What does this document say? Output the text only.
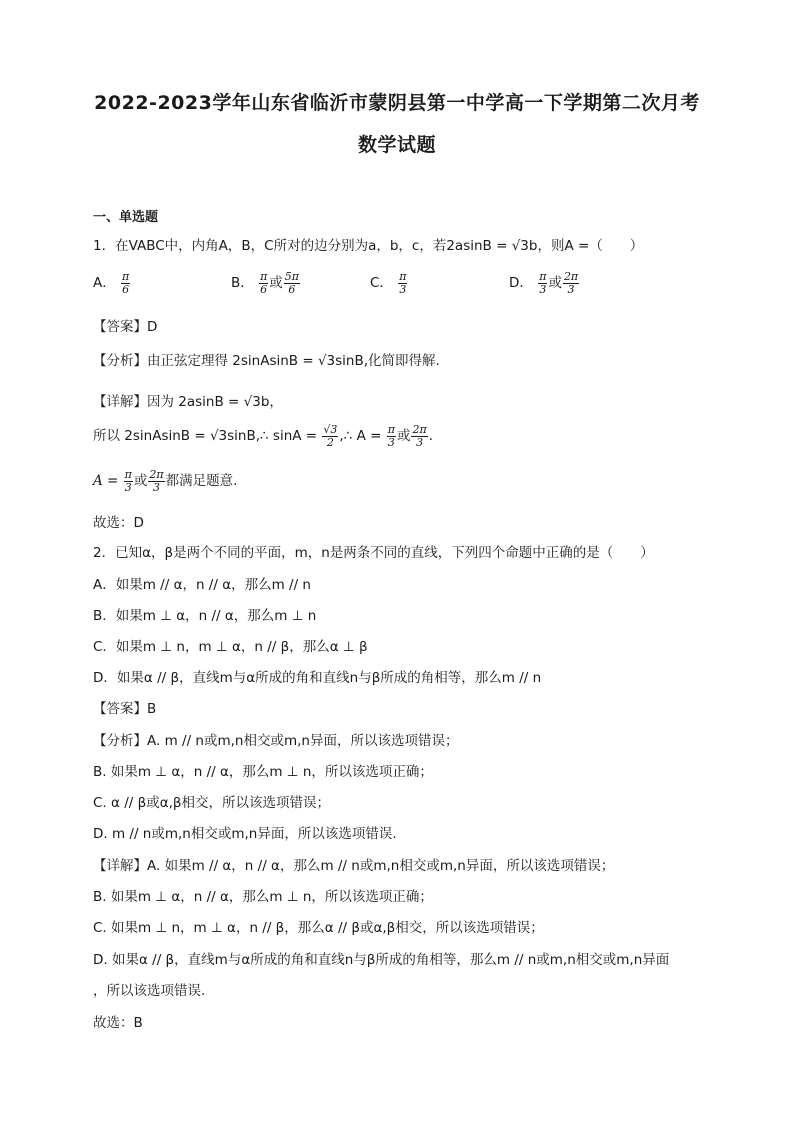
2022-2023学年山东省临沂市蒙阴县第一中学高一下学期第二次月考
数学试题
一、单选题
1．在VABC中，内角A，B，C所对的边分别为a，b，c，若2asinB = √3b，则A =（　　）
A． $\frac{\pi}{6}$	B． $\frac{\pi}{6}$ 或 $\frac{5\pi}{6}$	C． $\frac{\pi}{3}$	D． $\frac{\pi}{3}$ 或 $\frac{2\pi}{3}$
【答案】D
【分析】由正弦定理得 2sinAsinB = √3sinB,化简即得解.
【详解】因为 2asinB = √3b，
所以 2sinAsinB = √3sinB,∴ $\sin A = \frac{√3}{2}$ ,∴ $A = \frac{\pi}{3}$ 或 $\frac{2\pi}{3}$ .
$A = \frac{\pi}{3}$ 或 $\frac{2\pi}{3}$ 都满足题意.
故选：D
2．已知α，β是两个不同的平面，m，n是两条不同的直线，下列四个命题中正确的是（　　）
A．如果m // α，n // α，那么m // n
B．如果m ⊥ α，n // α，那么m ⊥ n
C．如果m ⊥ n，m ⊥ α，n // β，那么α ⊥ β
D．如果α // β，直线m与α所成的角和直线n与β所成的角相等，那么m // n
【答案】B
【分析】A. m // n或m,n相交或m,n异面，所以该选项错误；
B. 如果m ⊥ α，n // α，那么m ⊥ n，所以该选项正确；
C. α // β或α,β相交，所以该选项错误；
D. m // n或m,n相交或m,n异面，所以该选项错误.
【详解】A. 如果m // α，n // α，那么m // n或m,n相交或m,n异面，所以该选项错误；
B. 如果m ⊥ α，n // α，那么m ⊥ n，所以该选项正确；
C. 如果m ⊥ n，m ⊥ α，n // β，那么α // β或α,β相交，所以该选项错误；
D. 如果α // β，直线m与α所成的角和直线n与β所成的角相等，那么m // n或m,n相交或m,n异面
，所以该选项错误.
故选：B
